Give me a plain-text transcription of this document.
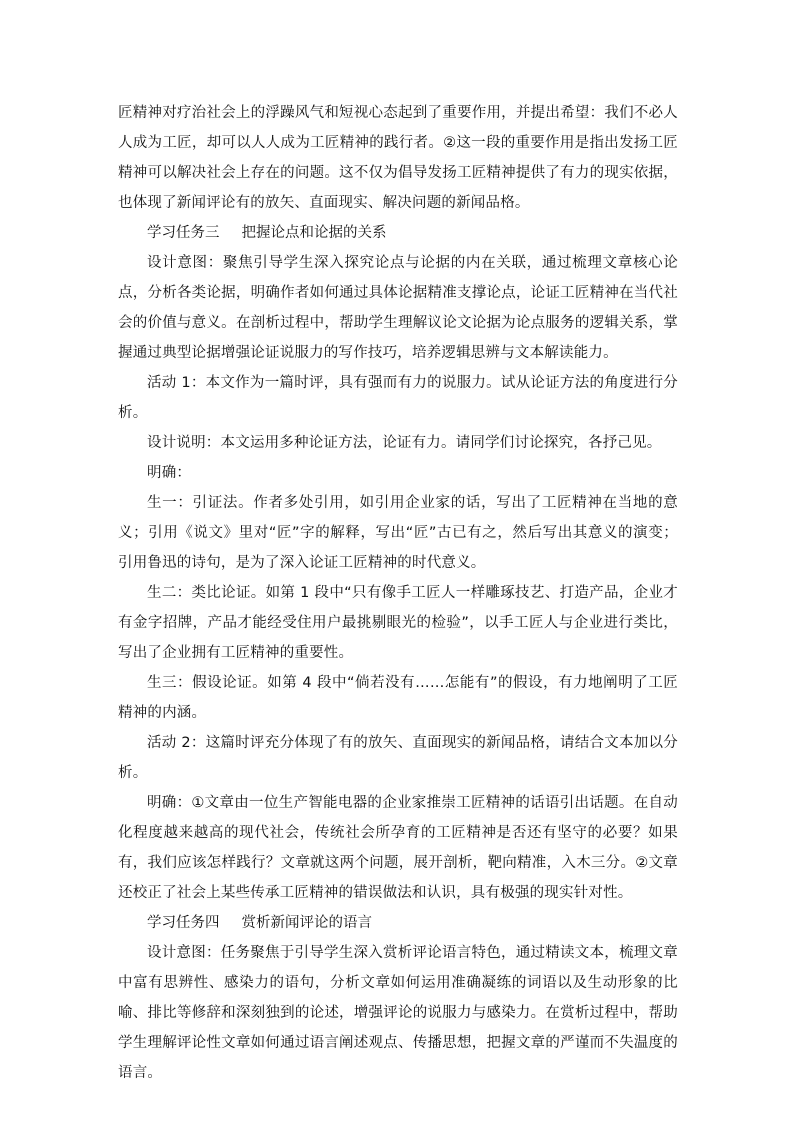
匠精神对疗治社会上的浮躁风气和短视心态起到了重要作用，并提出希望：我们不必人人成为工匠，却可以人人成为工匠精神的践行者。②这一段的重要作用是指出发扬工匠精神可以解决社会上存在的问题。这不仅为倡导发扬工匠精神提供了有力的现实依据，也体现了新闻评论有的放矢、直面现实、解决问题的新闻品格。

学习任务三 把握论点和论据的关系

设计意图：聚焦引导学生深入探究论点与论据的内在关联，通过梳理文章核心论点，分析各类论据，明确作者如何通过具体论据精准支撑论点，论证工匠精神在当代社会的价值与意义。在剖析过程中，帮助学生理解议论文论据为论点服务的逻辑关系，掌握通过典型论据增强论证说服力的写作技巧，培养逻辑思辨与文本解读能力。

活动 1：本文作为一篇时评，具有强而有力的说服力。试从论证方法的角度进行分析。

设计说明：本文运用多种论证方法，论证有力。请同学们讨论探究，各抒己见。

明确：

生一：引证法。作者多处引用，如引用企业家的话，写出了工匠精神在当地的意义；引用《说文》里对“匠”字的解释，写出“匠”古已有之，然后写出其意义的演变；引用鲁迅的诗句，是为了深入论证工匠精神的时代意义。

生二：类比论证。如第 1 段中“只有像手工匠人一样雕琢技艺、打造产品，企业才有金字招牌，产品才能经受住用户最挑剔眼光的检验”，以手工匠人与企业进行类比，写出了企业拥有工匠精神的重要性。

生三：假设论证。如第 4 段中“倘若没有……怎能有”的假设，有力地阐明了工匠精神的内涵。

活动 2：这篇时评充分体现了有的放矢、直面现实的新闻品格，请结合文本加以分析。

明确：①文章由一位生产智能电器的企业家推崇工匠精神的话语引出话题。在自动化程度越来越高的现代社会，传统社会所孕育的工匠精神是否还有坚守的必要？如果有，我们应该怎样践行？文章就这两个问题，展开剖析，靶向精准，入木三分。②文章还校正了社会上某些传承工匠精神的错误做法和认识，具有极强的现实针对性。

学习任务四 赏析新闻评论的语言

设计意图：任务聚焦于引导学生深入赏析评论语言特色，通过精读文本，梳理文章中富有思辨性、感染力的语句，分析文章如何运用准确凝练的词语以及生动形象的比喻、排比等修辞和深刻独到的论述，增强评论的说服力与感染力。在赏析过程中，帮助学生理解评论性文章如何通过语言阐述观点、传播思想，把握文章的严谨而不失温度的语言。
